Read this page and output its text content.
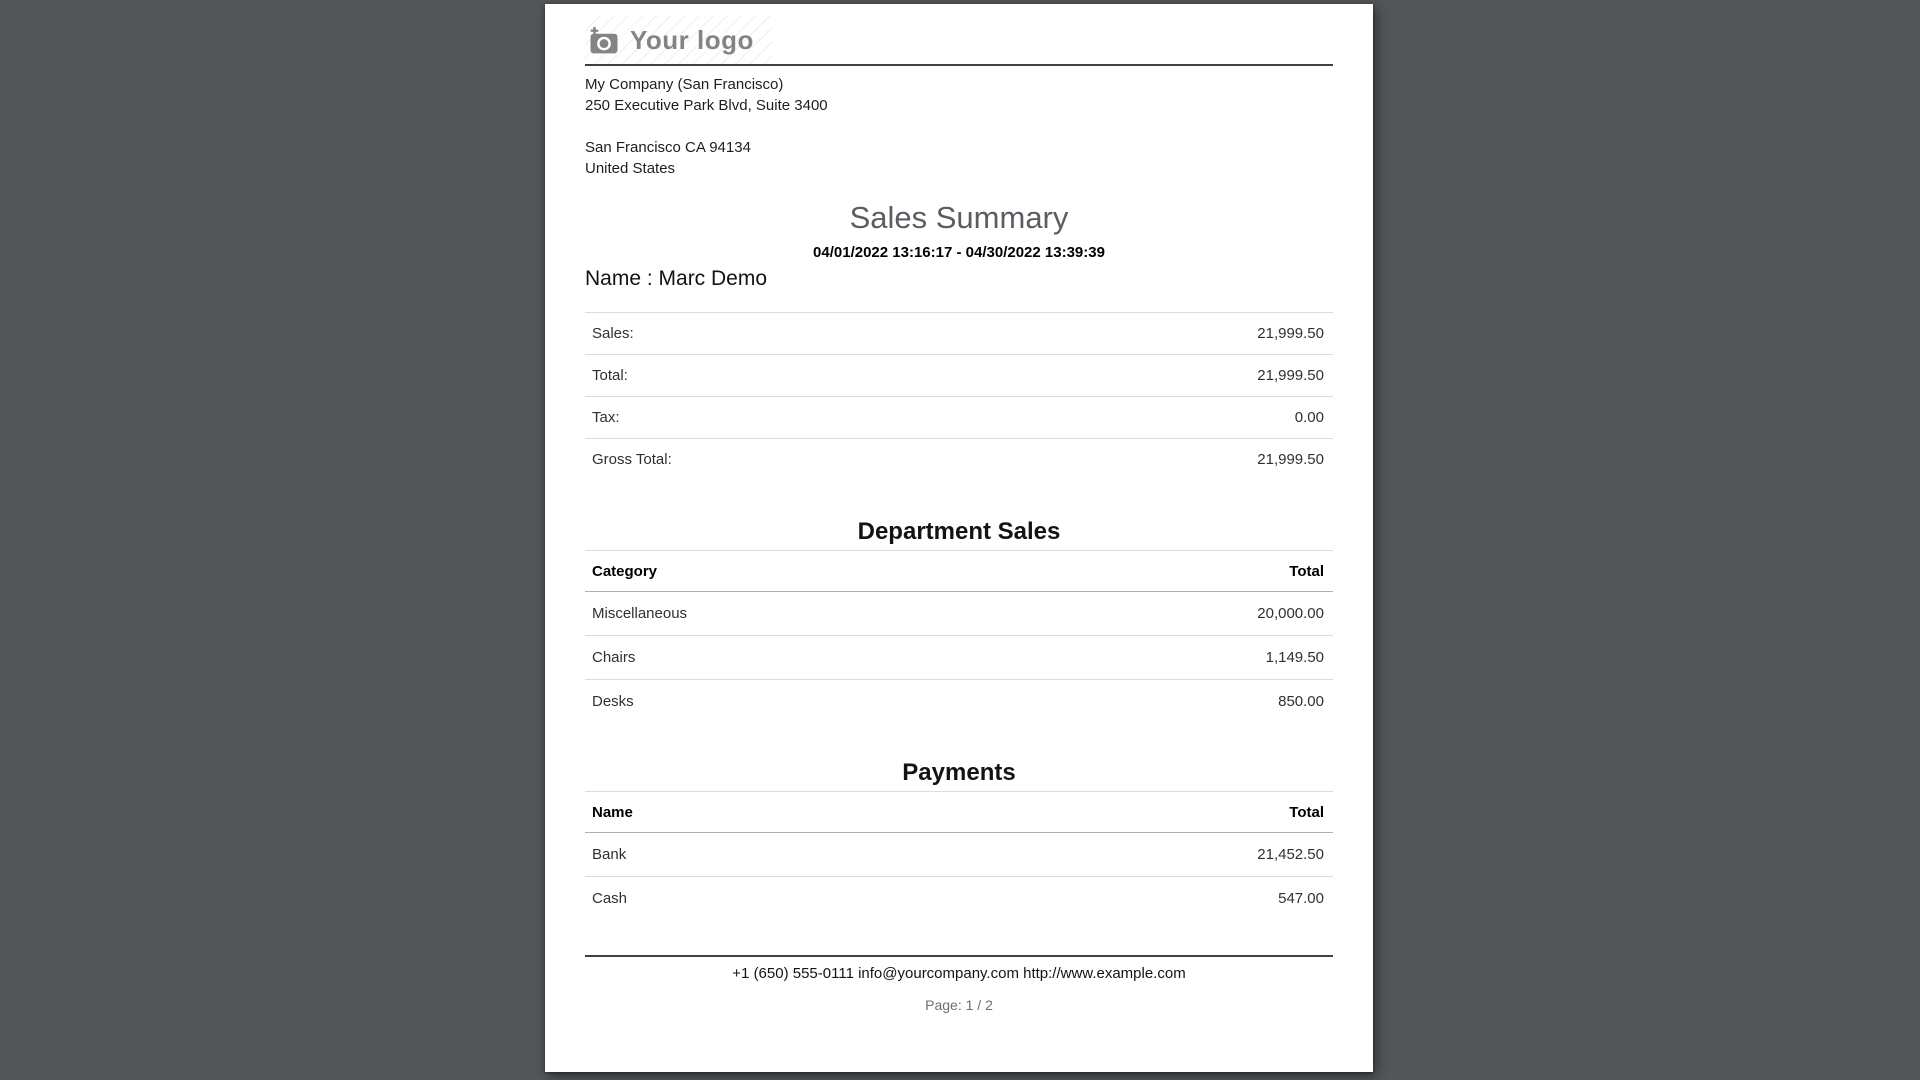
Your logo
My Company (San Francisco)
250 Executive Park Blvd, Suite 3400
San Francisco CA 94134
United States
Sales Summary
04/01/2022 13:16:17 - 04/30/2022 13:39:39
Name : Marc Demo
Sales:	21,999.50
Total:	21,999.50
Tax:	0.00
Gross Total:	21,999.50
Department Sales
Category	Total
Miscellaneous	20,000.00
Chairs	1,149.50
Desks	850.00
Payments
Name	Total
Bank	21,452.50
Cash	547.00
+1 (650) 555-0111 info@yourcompany.com http://www.example.com
Page: 1 / 2
